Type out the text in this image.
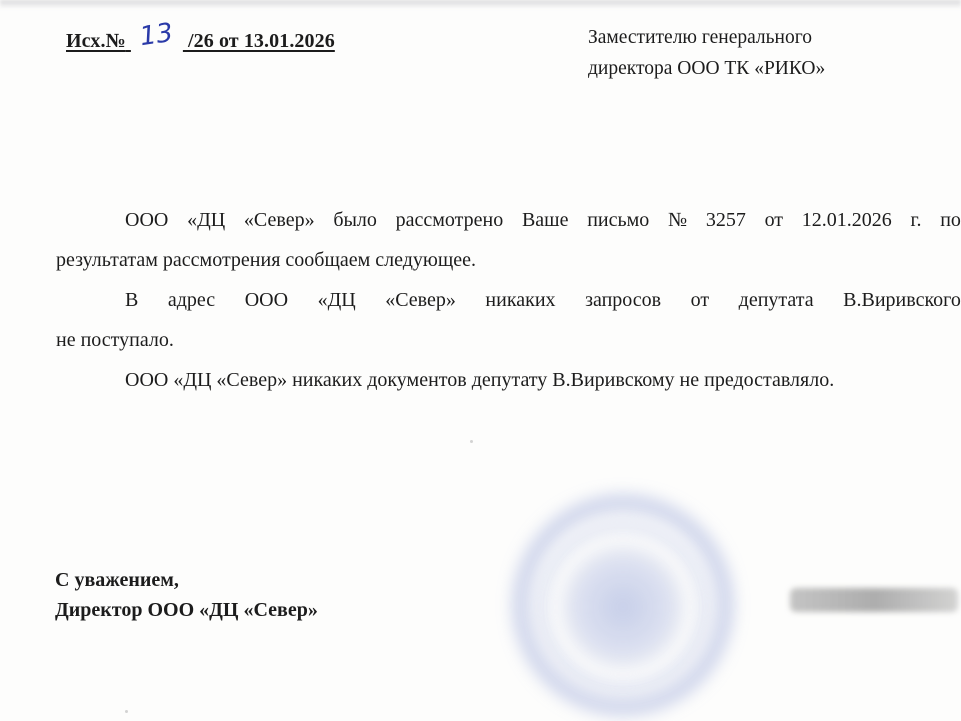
Исх.№ 13 /26 от 13.01.2026	Заместителю генерального
директора ООО ТК «РИКО»
ООО «ДЦ «Север» было рассмотрено Ваше письмо № 3257 от 12.01.2026 г. по
результатам рассмотрения сообщаем следующее.
В адрес ООО «ДЦ «Север» никаких запросов от депутата В.Виривского
не поступало.
ООО «ДЦ «Север» никаких документов депутату В.Виривскому не предоставляло.
С уважением,
Директор ООО «ДЦ «Север»
